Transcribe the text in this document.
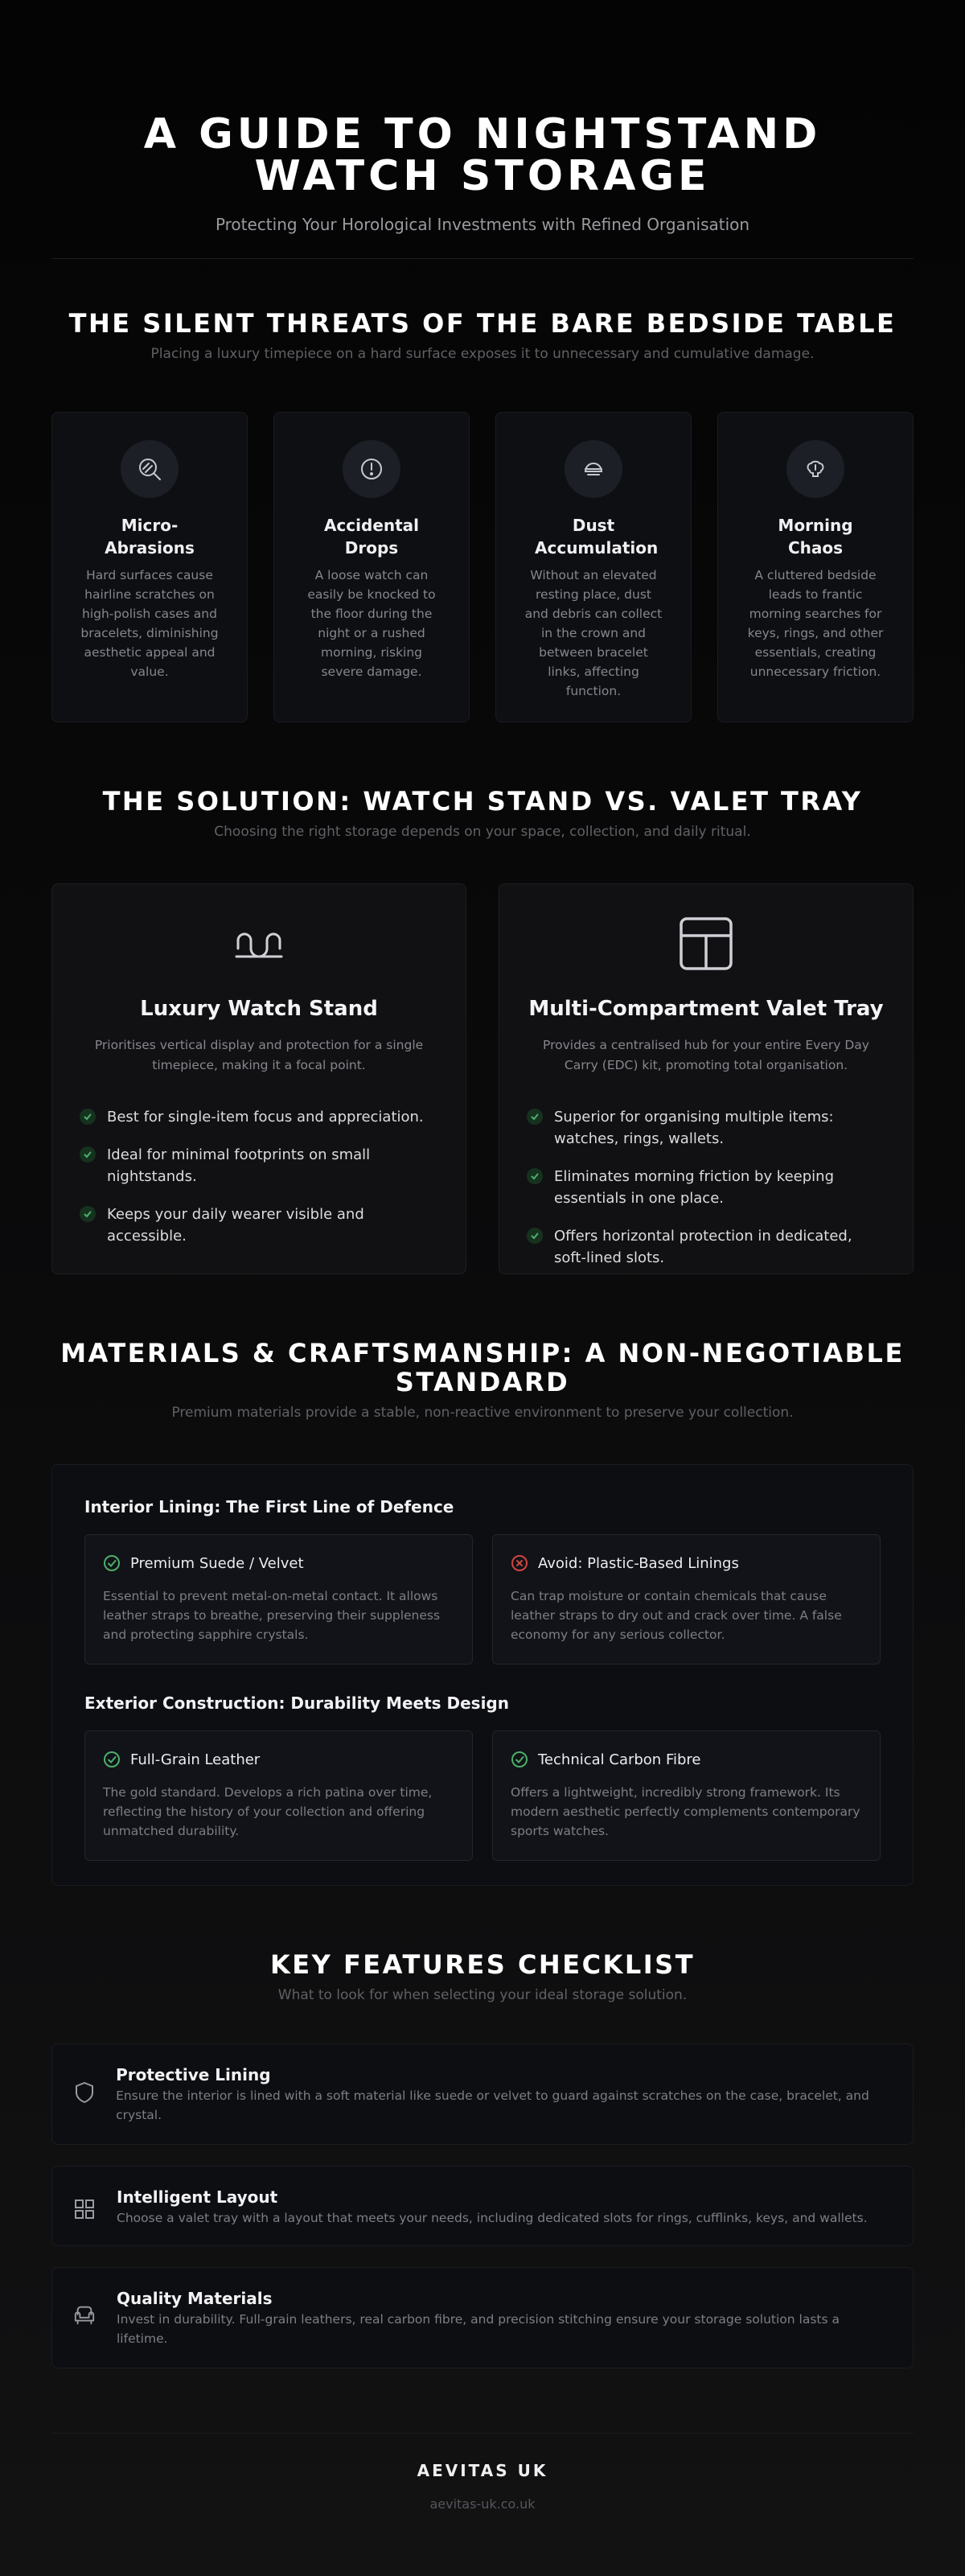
A GUIDE TO NIGHTSTAND WATCH STORAGE

Protecting Your Horological Investments with Refined Organisation

THE SILENT THREATS OF THE BARE BEDSIDE TABLE

Placing a luxury timepiece on a hard surface exposes it to unnecessary and cumulative damage.

Micro-Abrasions

Hard surfaces cause hairline scratches on high-polish cases and bracelets, diminishing aesthetic appeal and value.

Accidental Drops

A loose watch can easily be knocked to the floor during the night or a rushed morning, risking severe damage.

Dust Accumulation

Without an elevated resting place, dust and debris can collect in the crown and between bracelet links, affecting function.

Morning Chaos

A cluttered bedside leads to frantic morning searches for keys, rings, and other essentials, creating unnecessary friction.

THE SOLUTION: WATCH STAND VS. VALET TRAY

Choosing the right storage depends on your space, collection, and daily ritual.

Luxury Watch Stand

Prioritises vertical display and protection for a single timepiece, making it a focal point.

Best for single-item focus and appreciation.
Ideal for minimal footprints on small nightstands.
Keeps your daily wearer visible and accessible.
Multi-Compartment Valet Tray

Provides a centralised hub for your entire Every Day Carry (EDC) kit, promoting total organisation.

Superior for organising multiple items: watches, rings, wallets.
Eliminates morning friction by keeping essentials in one place.
Offers horizontal protection in dedicated, soft-lined slots.
MATERIALS & CRAFTSMANSHIP: A NON-NEGOTIABLE STANDARD

Premium materials provide a stable, non-reactive environment to preserve your collection.

Interior Lining: The First Line of Defence
Premium Suede / Velvet

Essential to prevent metal-on-metal contact. It allows leather straps to breathe, preserving their suppleness and protecting sapphire crystals.

Avoid: Plastic-Based Linings

Can trap moisture or contain chemicals that cause leather straps to dry out and crack over time. A false economy for any serious collector.

Exterior Construction: Durability Meets Design
Full-Grain Leather

The gold standard. Develops a rich patina over time, reflecting the history of your collection and offering unmatched durability.

Technical Carbon Fibre

Offers a lightweight, incredibly strong framework. Its modern aesthetic perfectly complements contemporary sports watches.

KEY FEATURES CHECKLIST

What to look for when selecting your ideal storage solution.

Protective Lining

Ensure the interior is lined with a soft material like suede or velvet to guard against scratches on the case, bracelet, and crystal.

Intelligent Layout

Choose a valet tray with a layout that meets your needs, including dedicated slots for rings, cufflinks, keys, and wallets.

Quality Materials

Invest in durability. Full-grain leathers, real carbon fibre, and precision stitching ensure your storage solution lasts a lifetime.

AEVITAS UK
aevitas-uk.co.uk
